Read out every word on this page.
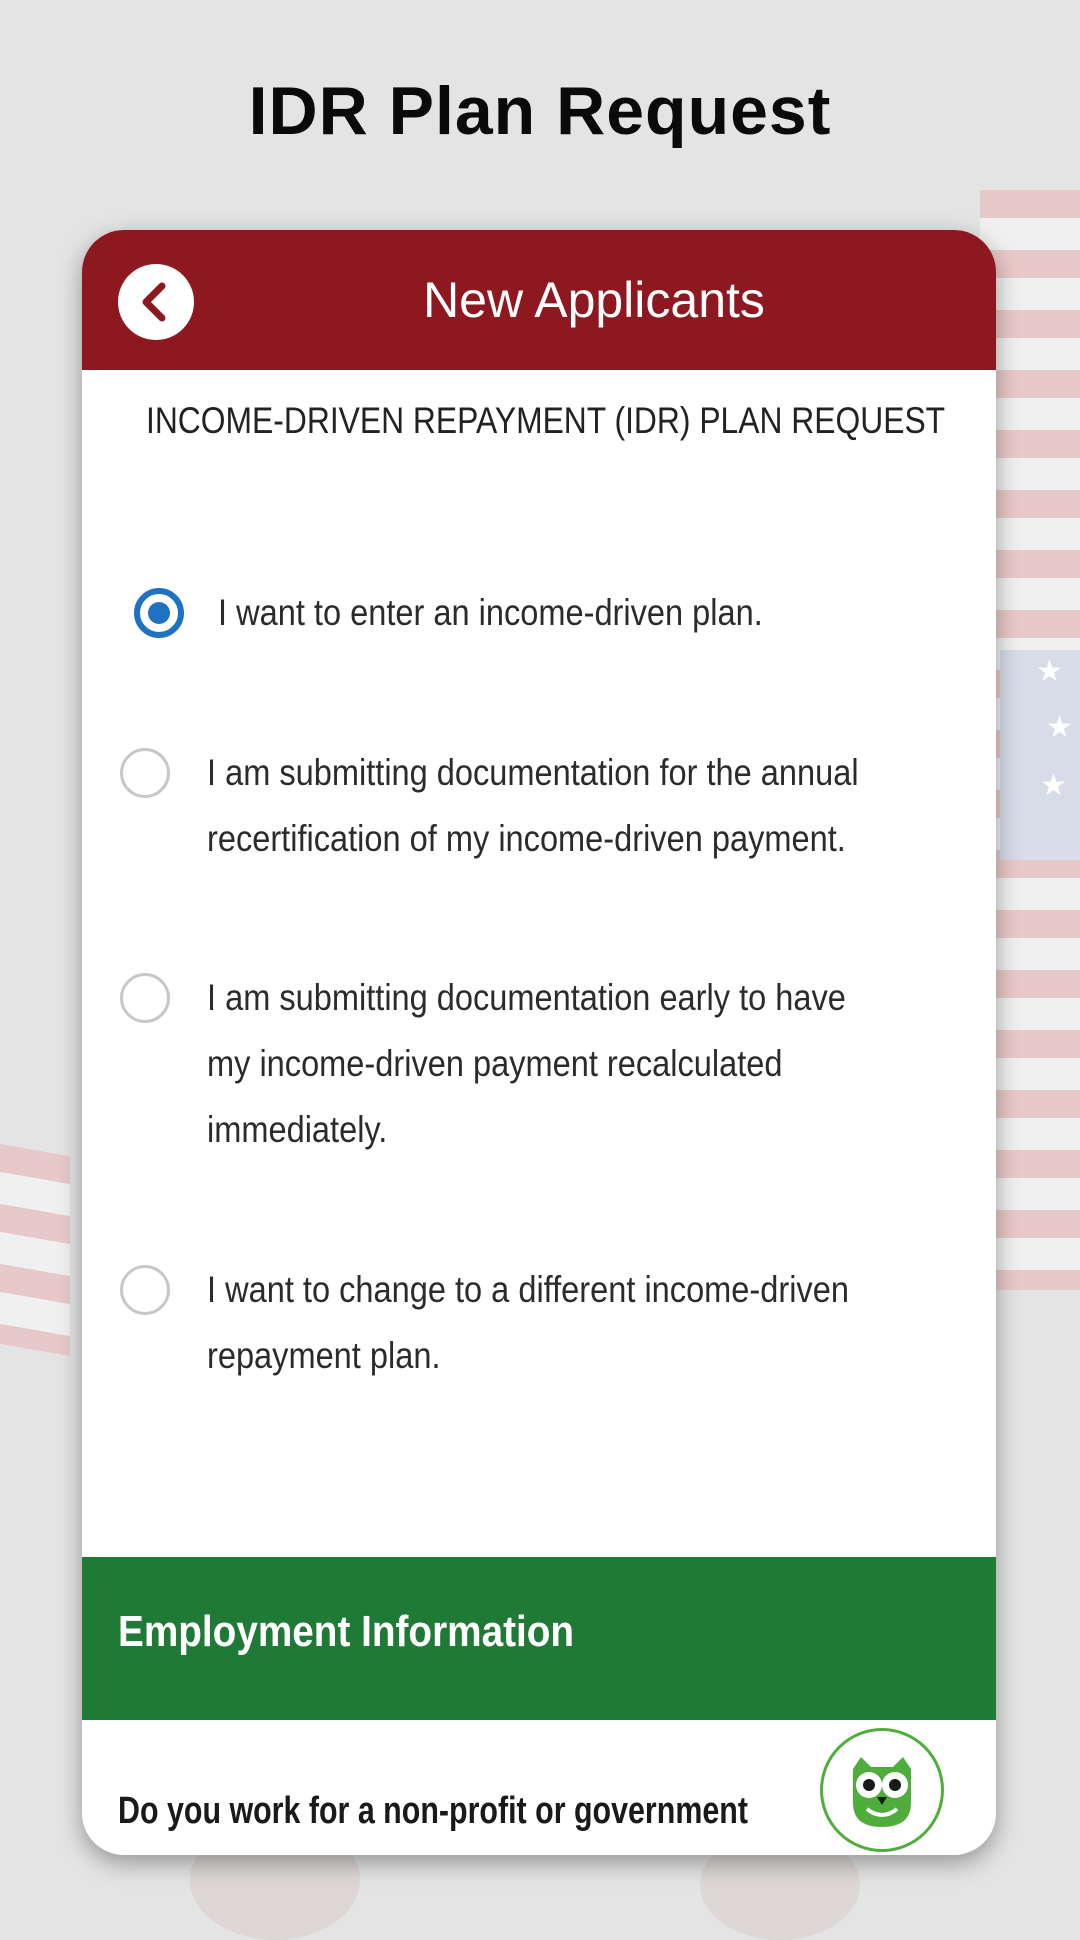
★
★
★
IDR Plan Request
New Applicants
INCOME-DRIVEN REPAYMENT (IDR) PLAN REQUEST
I want to enter an income-driven plan.
I am submitting documentation for the annual recertification of my income-driven payment.
I am submitting documentation early to have my income-driven payment recalculated immediately.
I want to change to a different income-driven repayment plan.
Employment Information
Do you work for a non-profit or government
